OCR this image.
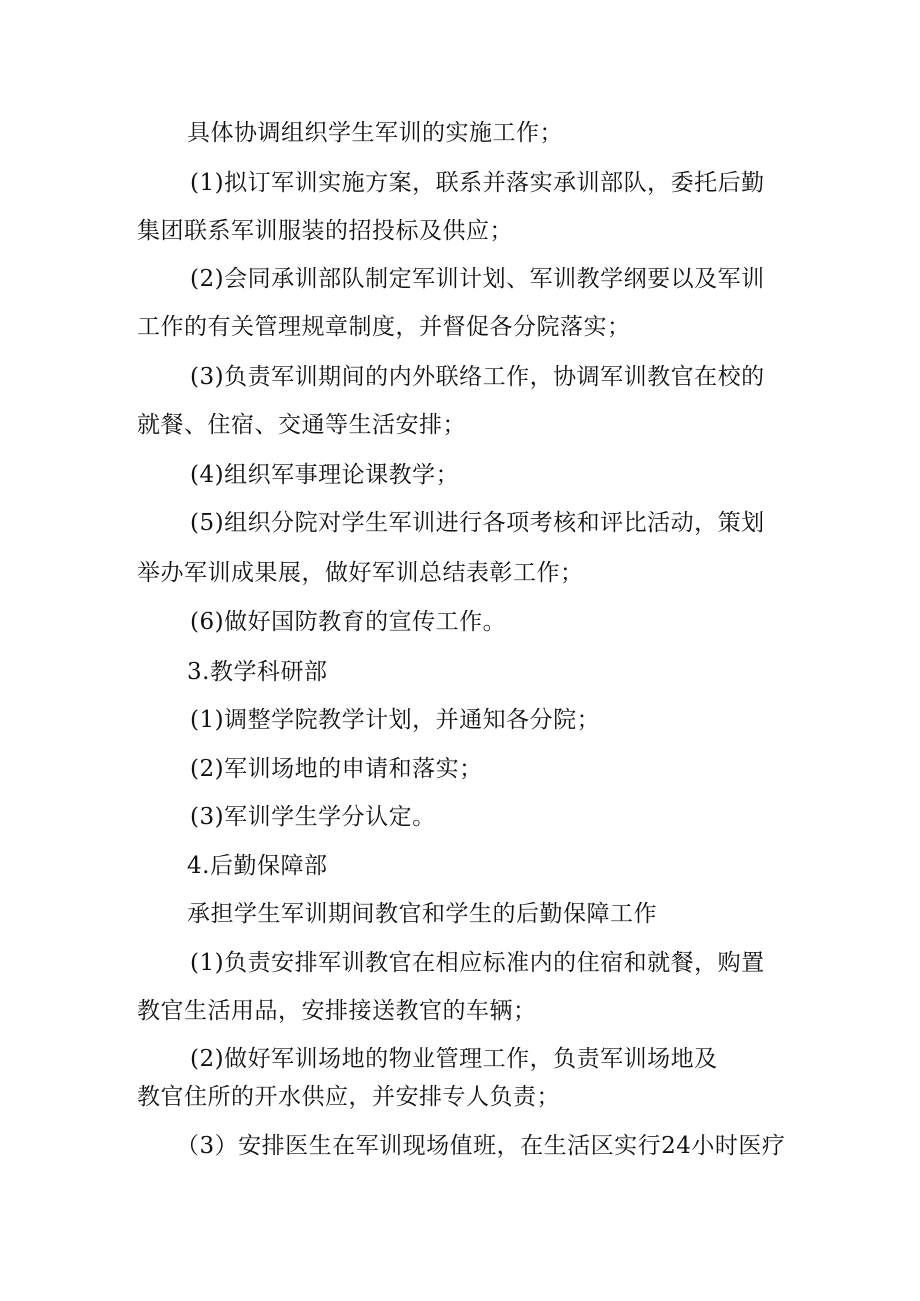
具体协调组织学生军训的实施工作；
(1)拟订军训实施方案，联系并落实承训部队，委托后勤
集团联系军训服装的招投标及供应；
(2)会同承训部队制定军训计划、军训教学纲要以及军训
工作的有关管理规章制度，并督促各分院落实；
(3)负责军训期间的内外联络工作，协调军训教官在校的
就餐、住宿、交通等生活安排；
(4)组织军事理论课教学；
(5)组织分院对学生军训进行各项考核和评比活动，策划
举办军训成果展，做好军训总结表彰工作；
(6)做好国防教育的宣传工作。
3.教学科研部
(1)调整学院教学计划，并通知各分院；
(2)军训场地的申请和落实；
(3)军训学生学分认定。
4.后勤保障部
承担学生军训期间教官和学生的后勤保障工作
(1)负责安排军训教官在相应标准内的住宿和就餐，购置
教官生活用品，安排接送教官的车辆；
(2)做好军训场地的物业管理工作，负责军训场地及
教官住所的开水供应，并安排专人负责；
（3）安排医生在军训现场值班，在生活区实行24小时医疗
